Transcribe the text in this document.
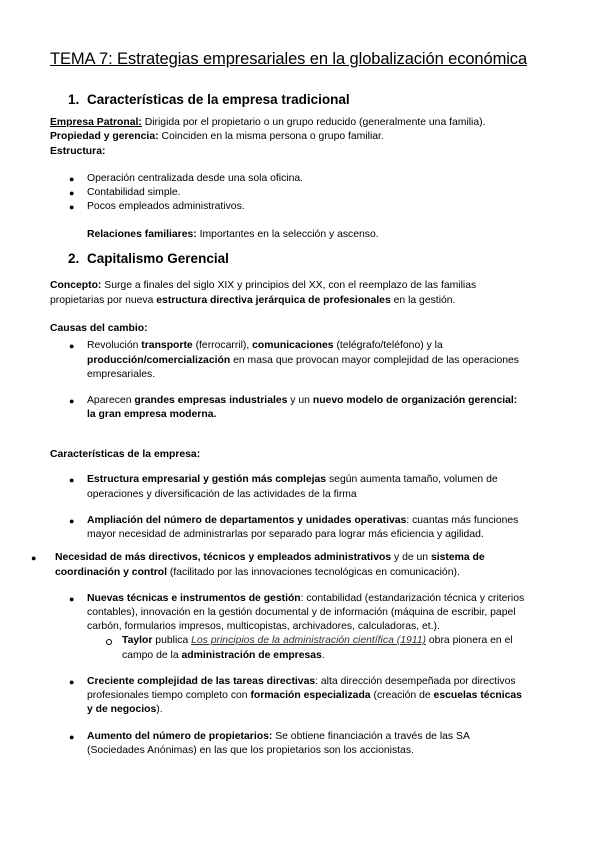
TEMA 7: Estrategias empresariales en la globalización económica
1. Características de la empresa tradicional
Empresa Patronal: Dirigida por el propietario o un grupo reducido (generalmente una familia).
Propiedad y gerencia: Coinciden en la misma persona o grupo familiar.
Estructura:
● Operación centralizada desde una sola oficina.
● Contabilidad simple.
● Pocos empleados administrativos.
Relaciones familiares: Importantes en la selección y ascenso.
2. Capitalismo Gerencial
Concepto: Surge a finales del siglo XIX y principios del XX, con el reemplazo de las familias
propietarias por nueva estructura directiva jerárquica de profesionales en la gestión.
Causas del cambio:
● Revolución transporte (ferrocarril), comunicaciones (telégrafo/teléfono) y la
producción/comercialización en masa que provocan mayor complejidad de las operaciones
empresariales.
● Aparecen grandes empresas industriales y un nuevo modelo de organización gerencial:
la gran empresa moderna.
Características de la empresa:
● Estructura empresarial y gestión más complejas según aumenta tamaño, volumen de
operaciones y diversificación de las actividades de la firma
● Ampliación del número de departamentos y unidades operativas: cuantas más funciones
mayor necesidad de administrarlas por separado para lograr más eficiencia y agilidad.
● Necesidad de más directivos, técnicos y empleados administrativos y de un sistema de
coordinación y control (facilitado por las innovaciones tecnológicas en comunicación).
● Nuevas técnicas e instrumentos de gestión: contabilidad (estandarización técnica y criterios
contables), innovación en la gestión documental y de información (máquina de escribir, papel
carbón, formularios impresos, multicopistas, archivadores, calculadoras, et.).
Taylor publica Los principios de la administración científica (1911) obra pionera en el
campo de la administración de empresas.
● Creciente complejidad de las tareas directivas: alta dirección desempeñada por directivos
profesionales tiempo completo con formación especializada (creación de escuelas técnicas
y de negocios).
● Aumento del número de propietarios: Se obtiene financiación a través de las SA
(Sociedades Anónimas) en las que los propietarios son los accionistas.
